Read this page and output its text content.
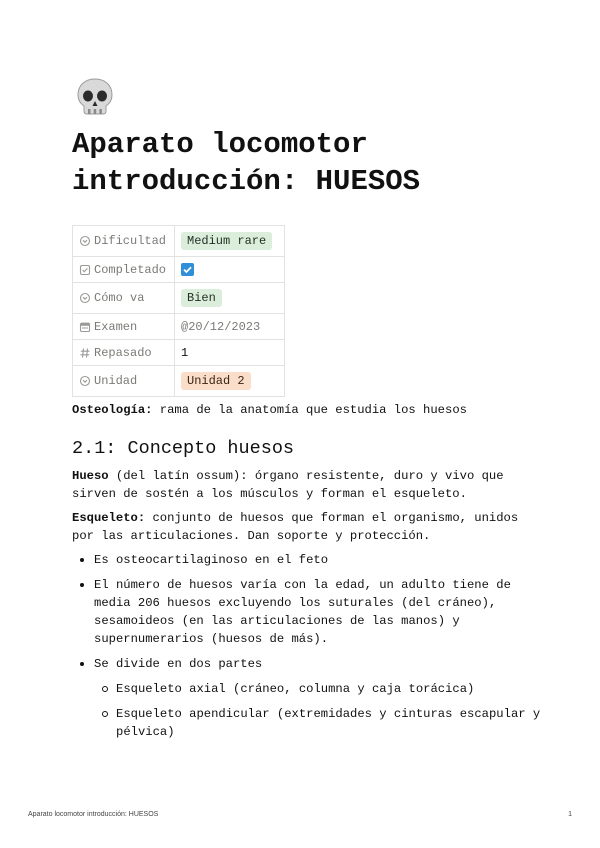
Aparato locomotor introducción: HUESOS
Dificultad	Medium rare

Completado

Cómo va	Bien

Examen	@20/12/2023

Repasado	1

Unidad	Unidad 2

Osteología: rama de la anatomía que estudia los huesos

2.1: Concepto huesos

Hueso (del latín ossum): órgano resistente, duro y vivo que sirven de sostén a los músculos y forman el esqueleto.

Esqueleto: conjunto de huesos que forman el organismo, unidos por las articulaciones. Dan soporte y protección.

Es osteocartilaginoso en el feto
El número de huesos varía con la edad, un adulto tiene de media 206 huesos excluyendo los suturales (del cráneo), sesamoideos (en las articulaciones de las manos) y supernumerarios (huesos de más).
Se divide en dos partes
Esqueleto axial (cráneo, columna y caja torácica)
Esqueleto apendicular (extremidades y cinturas escapular y pélvica)
Aparato locomotor introducción: HUESOS	1
